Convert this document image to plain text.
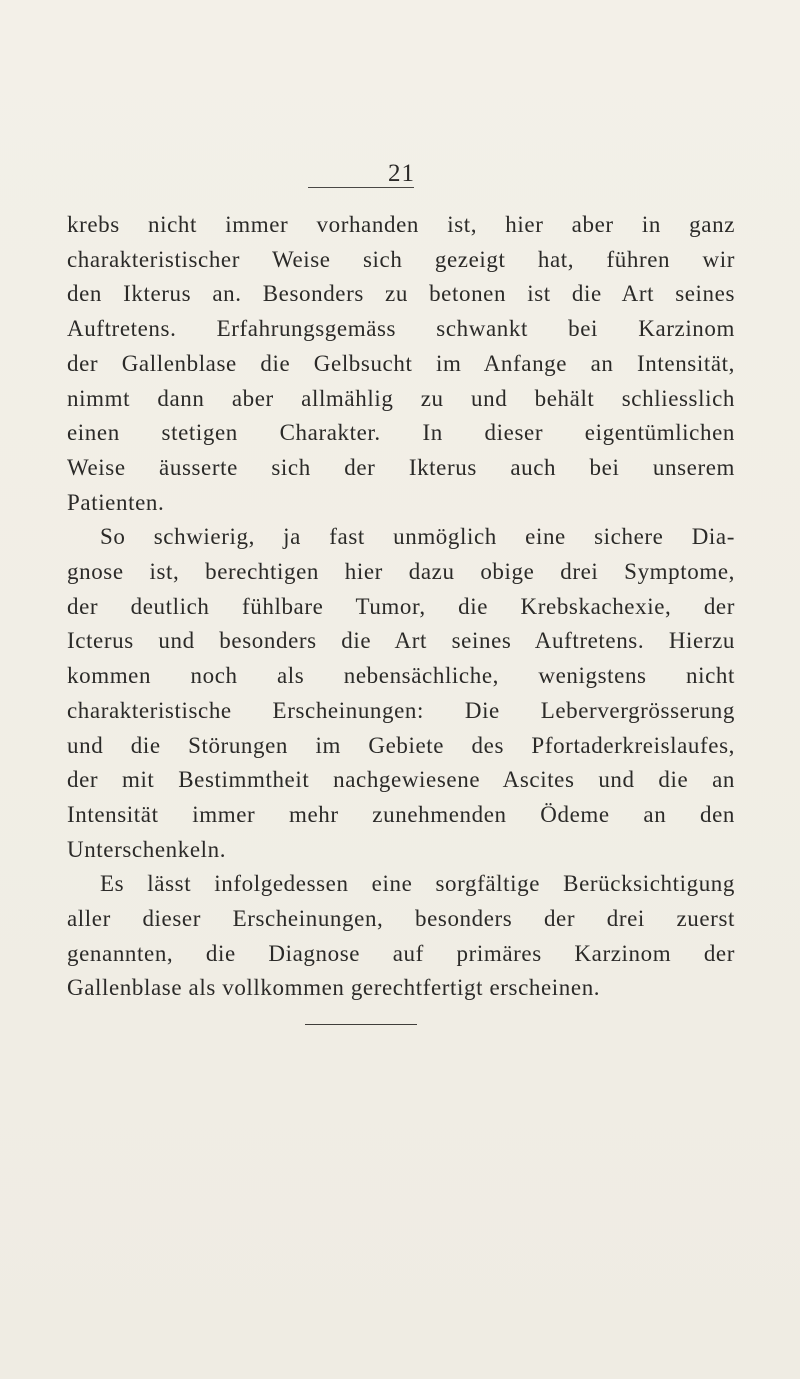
21
krebs nicht immer vorhanden ist, hier aber in ganz
charakteristischer Weise sich gezeigt hat, führen wir
den Ikterus an. Besonders zu betonen ist die Art seines
Auftretens. Erfahrungsgemäss schwankt bei Karzinom
der Gallenblase die Gelbsucht im Anfange an Intensität,
nimmt dann aber allmählig zu und behält schliesslich
einen stetigen Charakter. In dieser eigentümlichen
Weise äusserte sich der Ikterus auch bei unserem
Patienten.
So schwierig, ja fast unmöglich eine sichere Dia-
gnose ist, berechtigen hier dazu obige drei Symptome,
der deutlich fühlbare Tumor, die Krebskachexie, der
Icterus und besonders die Art seines Auftretens. Hierzu
kommen noch als nebensächliche, wenigstens nicht
charakteristische Erscheinungen: Die Lebervergrösserung
und die Störungen im Gebiete des Pfortaderkreislaufes,
der mit Bestimmtheit nachgewiesene Ascites und die an
Intensität immer mehr zunehmenden Ödeme an den
Unterschenkeln.
Es lässt infolgedessen eine sorgfältige Berücksichtigung
aller dieser Erscheinungen, besonders der drei zuerst
genannten, die Diagnose auf primäres Karzinom der
Gallenblase als vollkommen gerechtfertigt erscheinen.
